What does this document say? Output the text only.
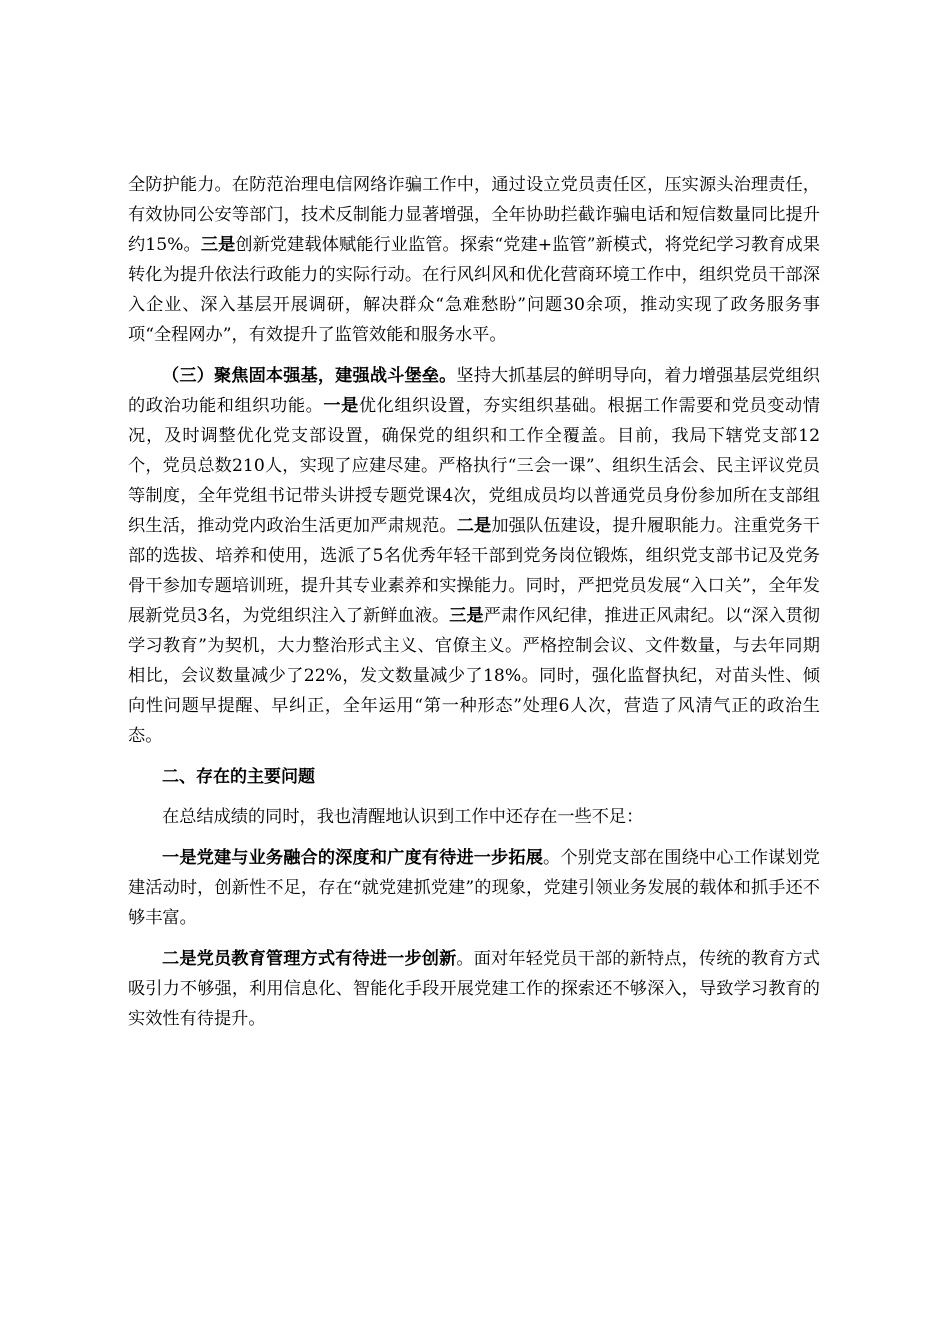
全防护能力。在防范治理电信网络诈骗工作中，通过设立党员责任区，压实源头治理责任，有效协同公安等部门，技术反制能力显著增强，全年协助拦截诈骗电话和短信数量同比提升约15%。三是创新党建载体赋能行业监管。探索“党建+监管”新模式，将党纪学习教育成果转化为提升依法行政能力的实际行动。在行风纠风和优化营商环境工作中，组织党员干部深入企业、深入基层开展调研，解决群众“急难愁盼”问题30余项，推动实现了政务服务事项“全程网办”，有效提升了监管效能和服务水平。

（三）聚焦固本强基，建强战斗堡垒。坚持大抓基层的鲜明导向，着力增强基层党组织的政治功能和组织功能。一是优化组织设置，夯实组织基础。根据工作需要和党员变动情况，及时调整优化党支部设置，确保党的组织和工作全覆盖。目前，我局下辖党支部12个，党员总数210人，实现了应建尽建。严格执行“三会一课”、组织生活会、民主评议党员等制度，全年党组书记带头讲授专题党课4次，党组成员均以普通党员身份参加所在支部组织生活，推动党内政治生活更加严肃规范。二是加强队伍建设，提升履职能力。注重党务干部的选拔、培养和使用，选派了5名优秀年轻干部到党务岗位锻炼，组织党支部书记及党务骨干参加专题培训班，提升其专业素养和实操能力。同时，严把党员发展“入口关”，全年发展新党员3名，为党组织注入了新鲜血液。三是严肃作风纪律，推进正风肃纪。以“深入贯彻学习教育”为契机，大力整治形式主义、官僚主义。严格控制会议、文件数量，与去年同期相比，会议数量减少了22%，发文数量减少了18%。同时，强化监督执纪，对苗头性、倾向性问题早提醒、早纠正，全年运用“第一种形态”处理6人次，营造了风清气正的政治生态。

二、存在的主要问题

在总结成绩的同时，我也清醒地认识到工作中还存在一些不足：

一是党建与业务融合的深度和广度有待进一步拓展。个别党支部在围绕中心工作谋划党建活动时，创新性不足，存在“就党建抓党建”的现象，党建引领业务发展的载体和抓手还不够丰富。

二是党员教育管理方式有待进一步创新。面对年轻党员干部的新特点，传统的教育方式吸引力不够强，利用信息化、智能化手段开展党建工作的探索还不够深入，导致学习教育的实效性有待提升。
